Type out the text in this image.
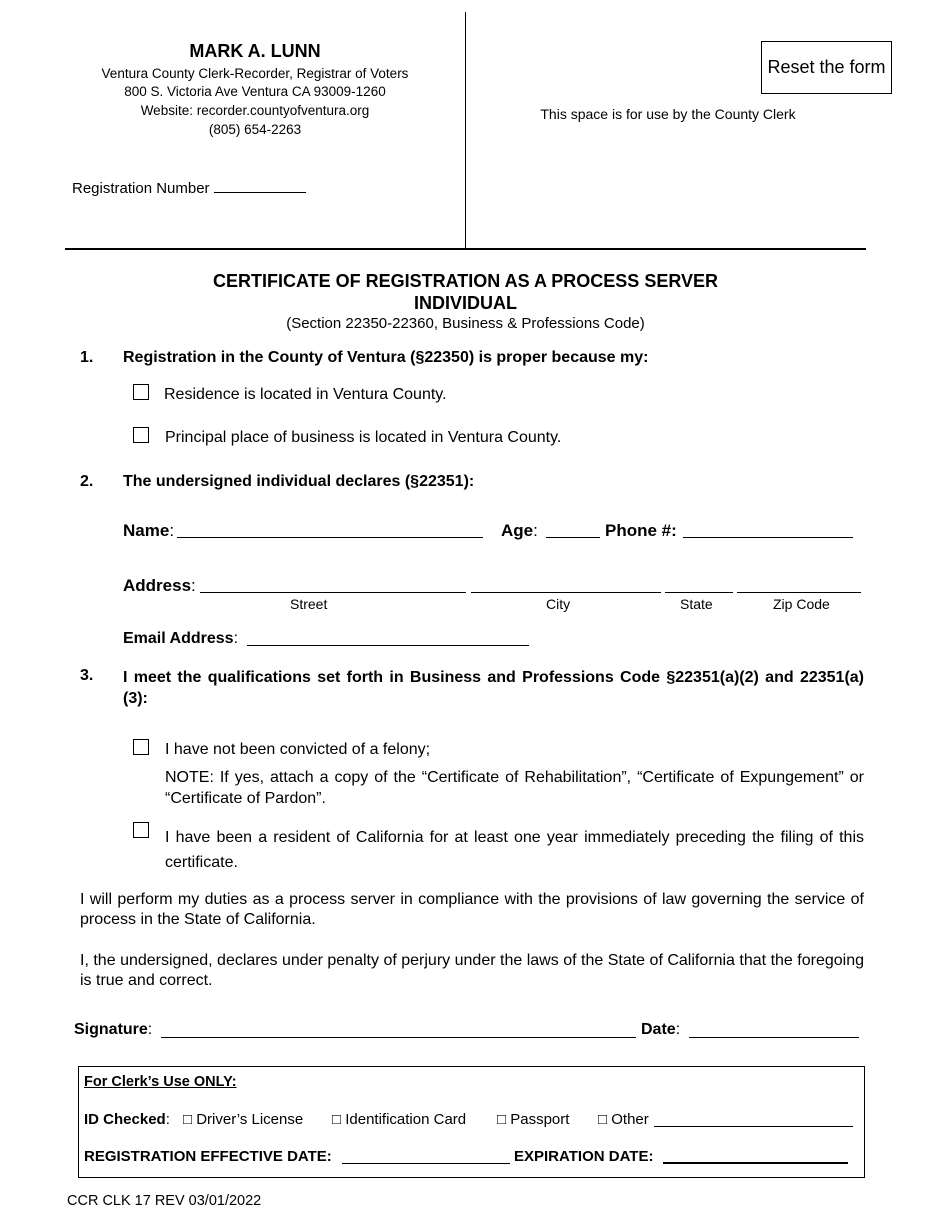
MARK A. LUNN
Ventura County Clerk-Recorder, Registrar of Voters
800 S. Victoria Ave Ventura CA 93009-1260
Website: recorder.countyofventura.org
(805) 654-2263
Registration Number
Reset the form
This space is for use by the County Clerk
CERTIFICATE OF REGISTRATION AS A PROCESS SERVER
INDIVIDUAL
(Section 22350-22360, Business & Professions Code)
1. Registration in the County of Ventura (§22350) is proper because my:
Residence is located in Ventura County.
Principal place of business is located in Ventura County.
2. The undersigned individual declares (§22351):
Name:	Age:	Phone #:
Address:
Street	City	State	Zip Code
Email Address:
3. I meet the qualifications set forth in Business and Professions Code §22351(a)(2) and 22351(a)(3):
I have not been convicted of a felony;
NOTE: If yes, attach a copy of the “Certificate of Rehabilitation”, “Certificate of Expungement” or “Certificate of Pardon”.
I have been a resident of California for at least one year immediately preceding the filing of this certificate.
I will perform my duties as a process server in compliance with the provisions of law governing the service of process in the State of California.
I, the undersigned, declares under penalty of perjury under the laws of the State of California that the foregoing is true and correct.
Signature:	Date:
For Clerk’s Use ONLY:
ID Checked: □ Driver’s License □ Identification Card □ Passport □ Other
REGISTRATION EFFECTIVE DATE:	EXPIRATION DATE:
CCR CLK 17 REV 03/01/2022
